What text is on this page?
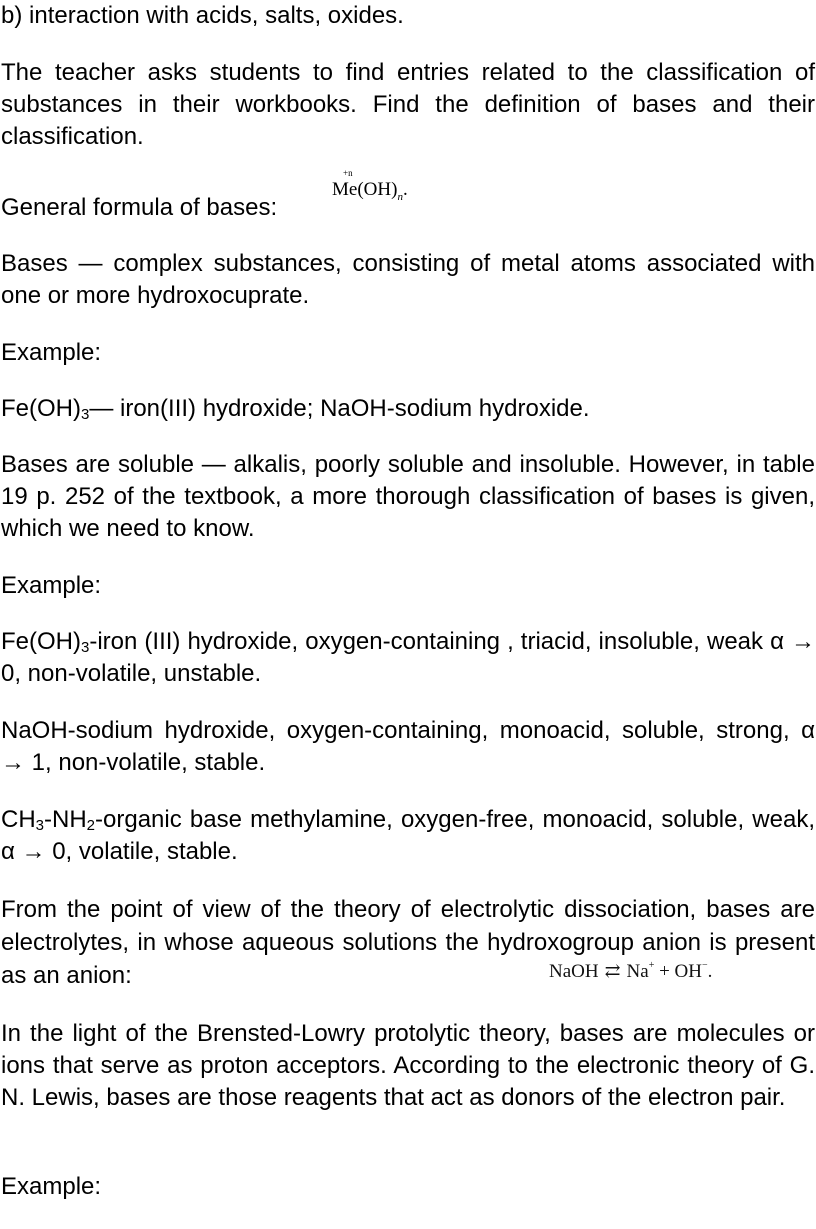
b) interaction with acids, salts, oxides.

The teacher asks students to find entries related to the classification of substances in their workbooks. Find the definition of bases and their classification.

General formula of bases:

Me
+n
$(OH)_n$.

Bases — complex substances, consisting of metal atoms associated with one or more hydroxocuprate.

Example:

$Fe(OH)_3—$ iron(III) hydroxide; NaOH-sodium hydroxide.

Bases are soluble — alkalis, poorly soluble and insoluble. However, in table 19 p. 252 of the textbook, a more thorough classification of bases is given, which we need to know.

Example:

$Fe(OH)_3$-iron (III) hydroxide, oxygen-containing , triacid, insoluble, weak α → 0, non-volatile, unstable.

NaOH-sodium hydroxide, oxygen-containing, monoacid, soluble, strong, α → 1, non-volatile, stable.

$CH_3-NH_2$-organic base methylamine, oxygen-free, monoacid, soluble, weak, α → 0, volatile, stable.

From the point of view of the theory of electrolytic dissociation, bases are electrolytes, in whose aqueous solutions the hydroxogroup anion is present as an anion:	NaOH ⇄ Na+ + OH−.

In the light of the Brensted-Lowry protolytic theory, bases are molecules or ions that serve as proton acceptors. According to the electronic theory of G. N. Lewis, bases are those reagents that act as donors of the electron pair.

Example:
